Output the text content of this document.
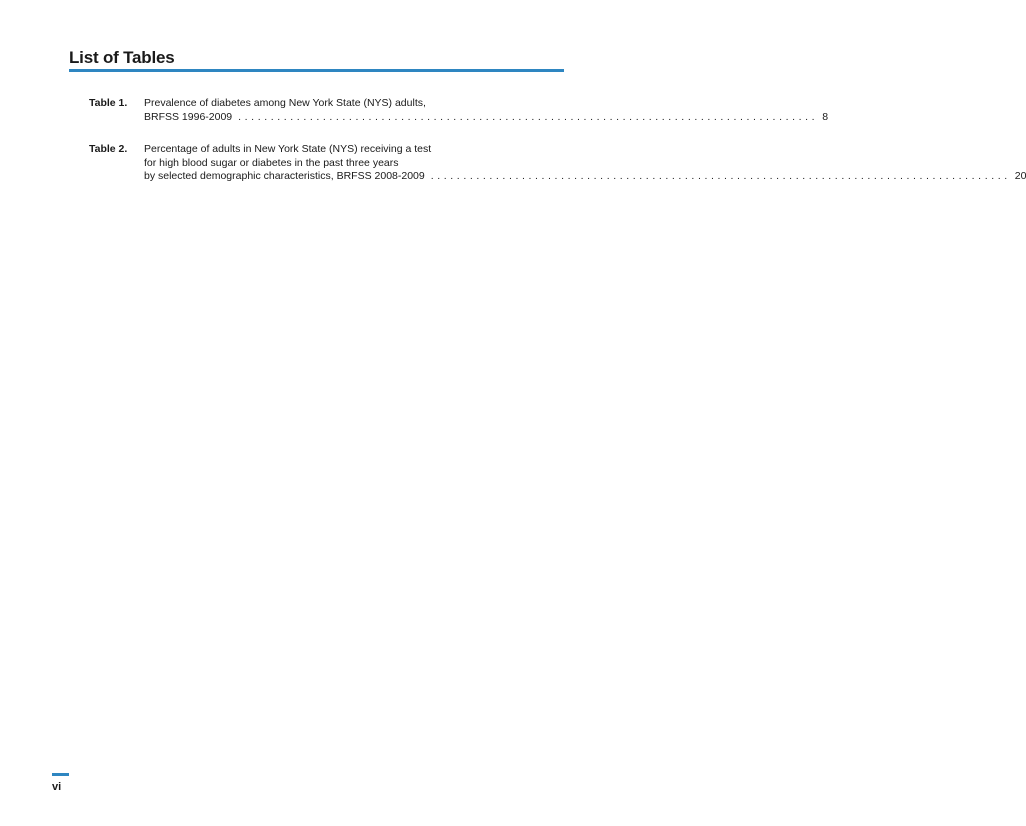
List of Tables
Table 1.	Prevalence of diabetes among New York State (NYS) adults,
BRFSS 1996-2009 ......................................................................................... 8
Table 2.	Percentage of adults in New York State (NYS) receiving a test
for high blood sugar or diabetes in the past three years
by selected demographic characteristics, BRFSS 2008-2009 ......................................................................................... 20
vi
